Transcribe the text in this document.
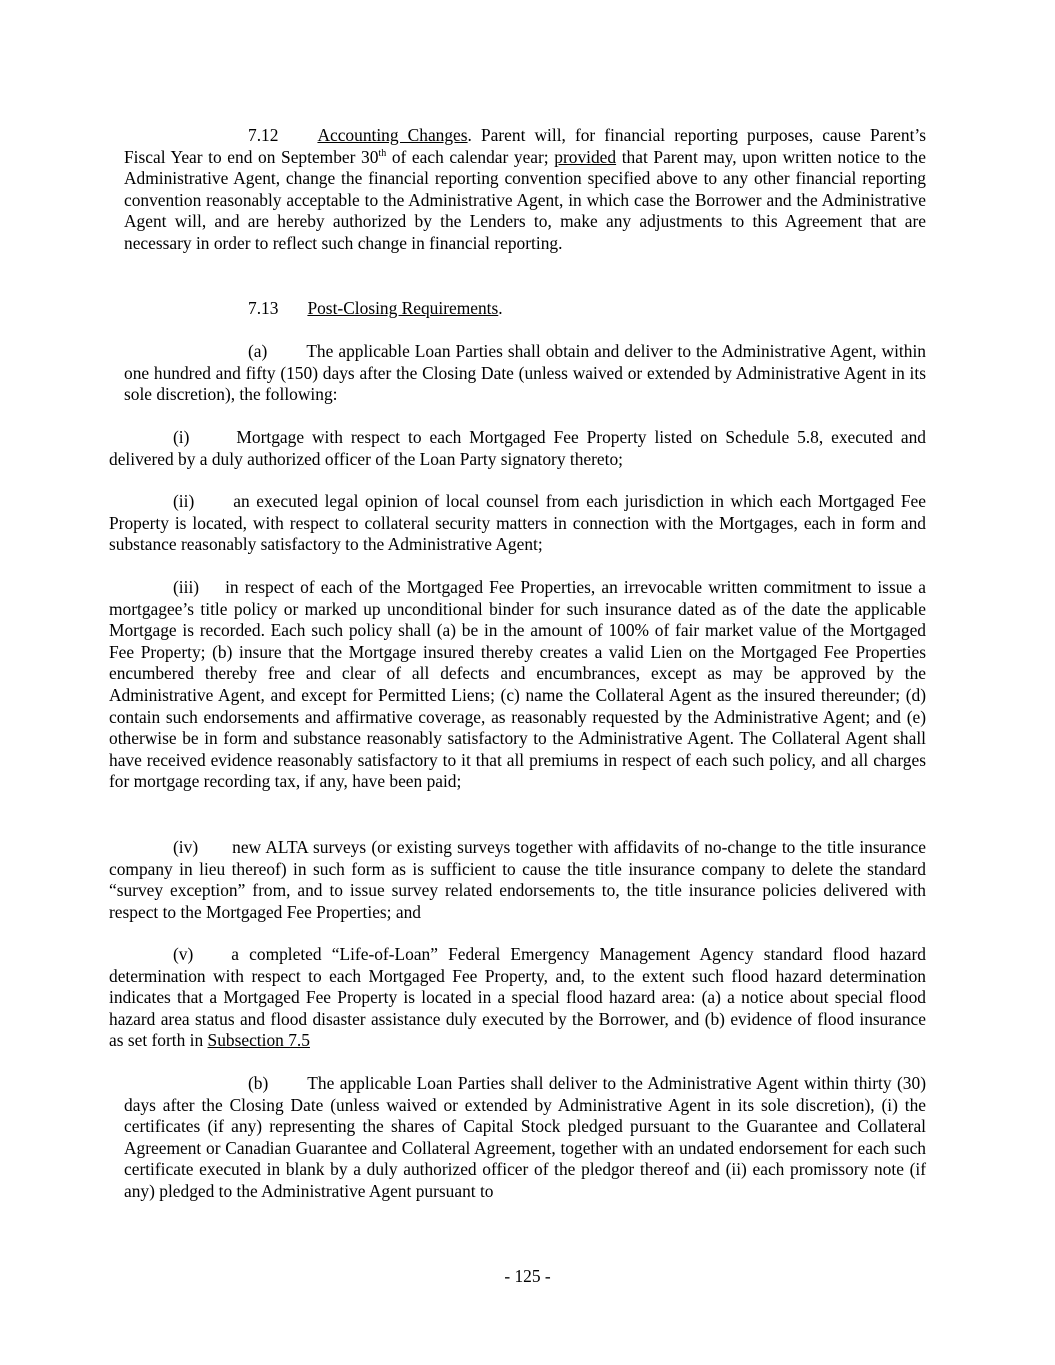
7.12 Accounting Changes. Parent will, for financial reporting purposes, cause Parent’s Fiscal Year to end on September 30th of each calendar year; provided that Parent may, upon written notice to the Administrative Agent, change the financial reporting convention specified above to any other financial reporting convention reasonably acceptable to the Administrative Agent, in which case the Borrower and the Administrative Agent will, and are hereby authorized by the Lenders to, make any adjustments to this Agreement that are necessary in order to reflect such change in financial reporting.

7.13 Post-Closing Requirements.

(a) The applicable Loan Parties shall obtain and deliver to the Administrative Agent, within one hundred and fifty (150) days after the Closing Date (unless waived or extended by Administrative Agent in its sole discretion), the following:

(i)	Mortgage with respect to each Mortgaged Fee Property listed on Schedule 5.8, executed and delivered by a duly authorized officer of the Loan Party signatory thereto;

(ii) an executed legal opinion of local counsel from each jurisdiction in which each Mortgaged Fee Property is located, with respect to collateral security matters in connection with the Mortgages, each in form and substance reasonably satisfactory to the Administrative Agent;

(iii) in respect of each of the Mortgaged Fee Properties, an irrevocable written commitment to issue a mortgagee’s title policy or marked up unconditional binder for such insurance dated as of the date the applicable Mortgage is recorded. Each such policy shall (a) be in the amount of 100% of fair market value of the Mortgaged Fee Property; (b) insure that the Mortgage insured thereby creates a valid Lien on the Mortgaged Fee Properties encumbered thereby free and clear of all defects and encumbrances, except as may be approved by the Administrative Agent, and except for Permitted Liens; (c) name the Collateral Agent as the insured thereunder; (d) contain such endorsements and affirmative coverage, as reasonably requested by the Administrative Agent; and (e) otherwise be in form and substance reasonably satisfactory to the Administrative Agent. The Collateral Agent shall have received evidence reasonably satisfactory to it that all premiums in respect of each such policy, and all charges for mortgage recording tax, if any, have been paid;

(iv) new ALTA surveys (or existing surveys together with affidavits of no-change to the title insurance company in lieu thereof) in such form as is sufficient to cause the title insurance company to delete the standard “survey exception” from, and to issue survey related endorsements to, the title insurance policies delivered with respect to the Mortgaged Fee Properties; and

(v) a completed “Life-of-Loan” Federal Emergency Management Agency standard flood hazard determination with respect to each Mortgaged Fee Property, and, to the extent such flood hazard determination indicates that a Mortgaged Fee Property is located in a special flood hazard area: (a) a notice about special flood hazard area status and flood disaster assistance duly executed by the Borrower, and (b) evidence of flood insurance as set forth in Subsection 7.5

(b) The applicable Loan Parties shall deliver to the Administrative Agent within thirty (30) days after the Closing Date (unless waived or extended by Administrative Agent in its sole discretion), (i) the certificates (if any) representing the shares of Capital Stock pledged pursuant to the Guarantee and Collateral Agreement or Canadian Guarantee and Collateral Agreement, together with an undated endorsement for each such certificate executed in blank by a duly authorized officer of the pledgor thereof and (ii) each promissory note (if any) pledged to the Administrative Agent pursuant to

- 125 -
